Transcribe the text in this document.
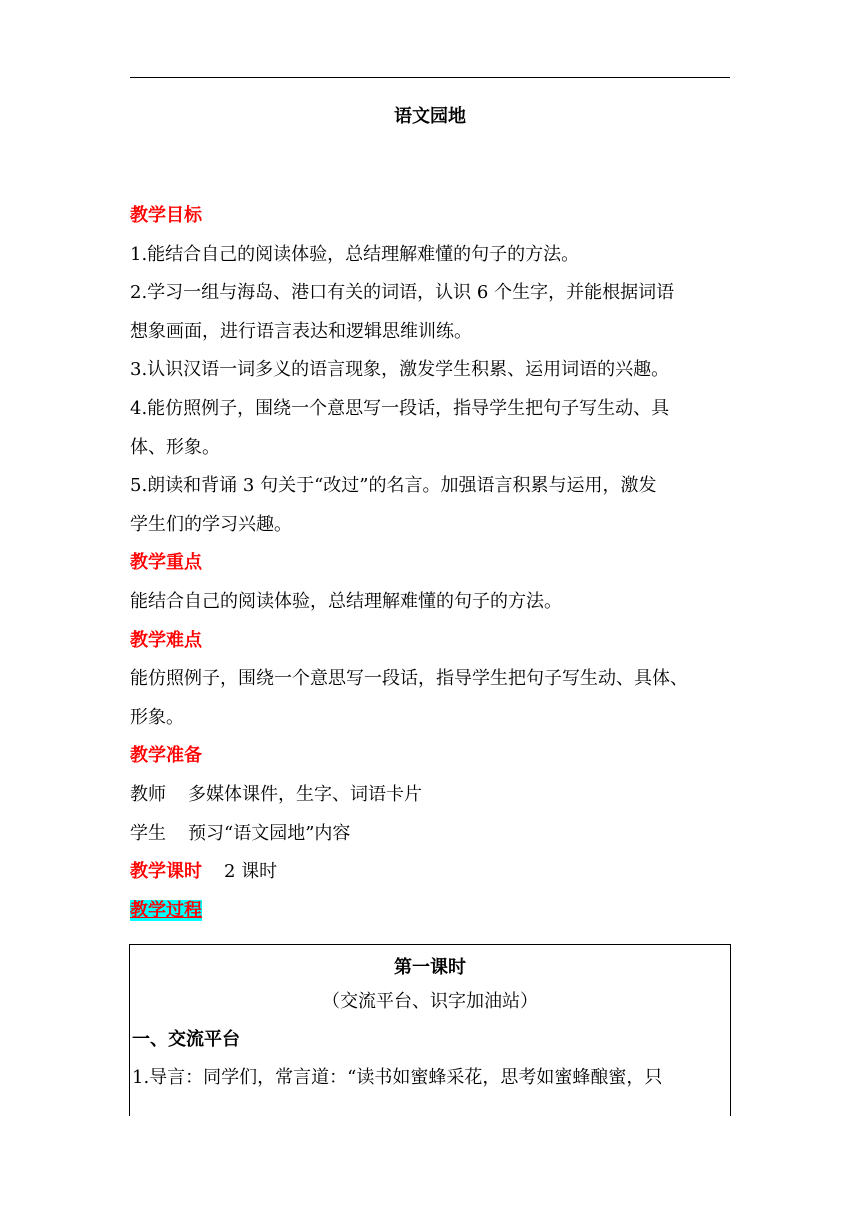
语文园地
教学目标
1.能结合自己的阅读体验，总结理解难懂的句子的方法。
2.学习一组与海岛、港口有关的词语，认识 6 个生字，并能根据词语
想象画面，进行语言表达和逻辑思维训练。
3.认识汉语一词多义的语言现象，激发学生积累、运用词语的兴趣。
4.能仿照例子，围绕一个意思写一段话，指导学生把句子写生动、具
体、形象。
5.朗读和背诵 3 句关于“改过”的名言。加强语言积累与运用，激发
学生们的学习兴趣。
教学重点
能结合自己的阅读体验，总结理解难懂的句子的方法。
教学难点
能仿照例子，围绕一个意思写一段话，指导学生把句子写生动、具体、
形象。
教学准备
教师 多媒体课件，生字、词语卡片
学生 预习“语文园地”内容
教学课时 2 课时
教学过程
第一课时
（交流平台、识字加油站）
一、交流平台
1.导言：同学们，常言道：“读书如蜜蜂采花，思考如蜜蜂酿蜜，只
